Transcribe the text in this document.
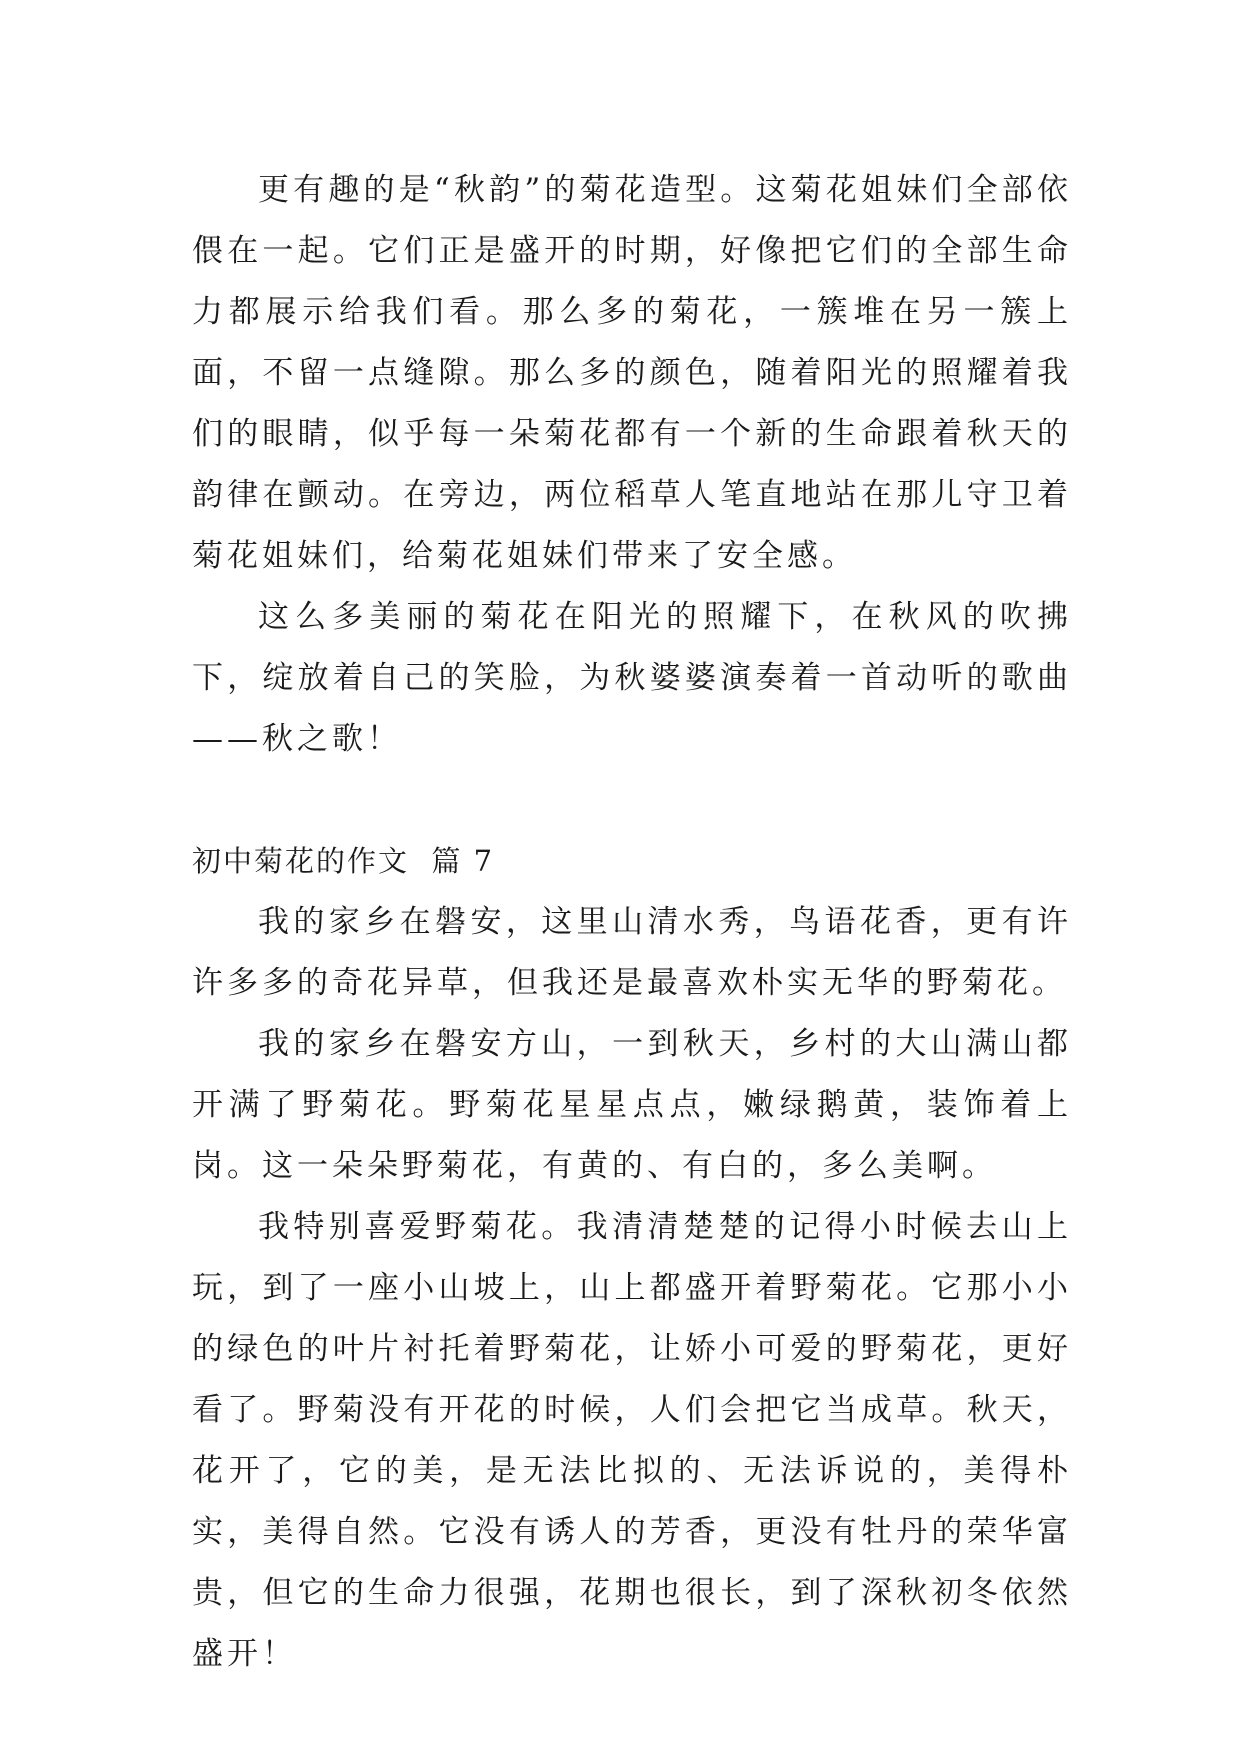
更有趣的是“秋韵”的菊花造型。这菊花姐妹们全部依偎在一起。它们正是盛开的时期，好像把它们的全部生命力都展示给我们看。那么多的菊花，一簇堆在另一簇上面，不留一点缝隙。那么多的颜色，随着阳光的照耀着我们的眼睛，似乎每一朵菊花都有一个新的生命跟着秋天的韵律在颤动。在旁边，两位稻草人笔直地站在那儿守卫着菊花姐妹们，给菊花姐妹们带来了安全感。

这么多美丽的菊花在阳光的照耀下，在秋风的吹拂下，绽放着自己的笑脸，为秋婆婆演奏着一首动听的歌曲——秋之歌！

初中菊花的作文  篇 7

我的家乡在磐安，这里山清水秀，鸟语花香，更有许许多多的奇花异草，但我还是最喜欢朴实无华的野菊花。

我的家乡在磐安方山，一到秋天，乡村的大山满山都开满了野菊花。野菊花星星点点，嫩绿鹅黄，装饰着上岗。这一朵朵野菊花，有黄的、有白的，多么美啊。

我特别喜爱野菊花。我清清楚楚的记得小时候去山上玩，到了一座小山坡上，山上都盛开着野菊花。它那小小的绿色的叶片衬托着野菊花，让娇小可爱的野菊花，更好看了。野菊没有开花的时候，人们会把它当成草。秋天，花开了，它的美，是无法比拟的、无法诉说的，美得朴实，美得自然。它没有诱人的芳香，更没有牡丹的荣华富贵，但它的生命力很强，花期也很长，到了深秋初冬依然盛开！
